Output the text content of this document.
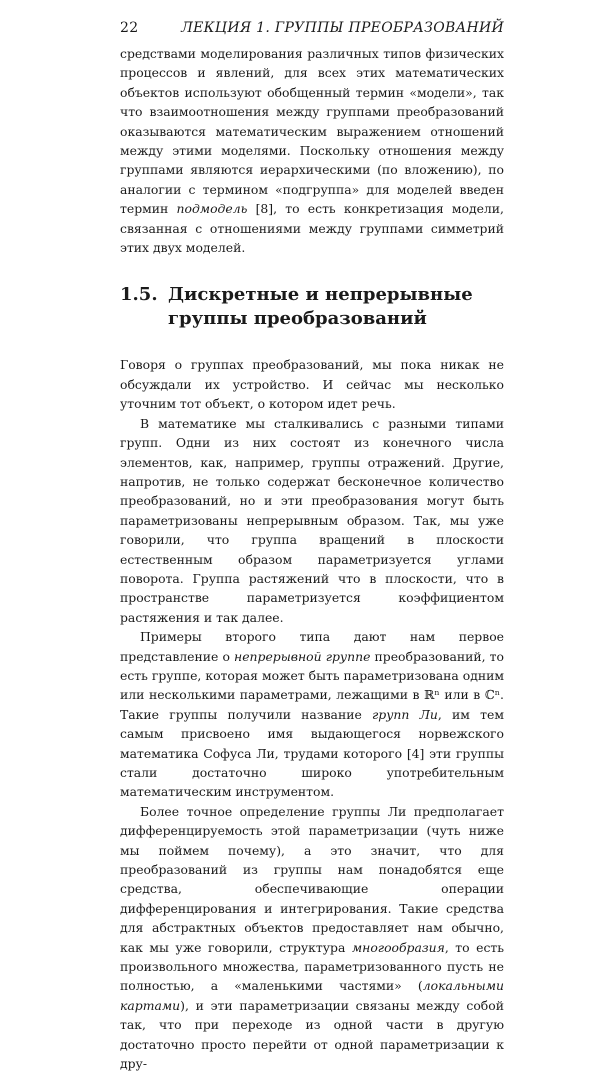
22	ЛЕКЦИЯ 1. ГРУППЫ ПРЕОБРАЗОВАНИЙ

средствами моделирования различных типов физических процессов и явлений, для всех этих математических объектов используют обобщенный термин «модели», так что взаимоотношения между группами преобразований оказываются математическим выражением отношений между этими моделями. Поскольку отношения между группами являются иерархическими (по вложению), по аналогии с термином «подгруппа» для моделей введен термин подмодель [8], то есть конкретизация модели, связанная с отношениями между группами симметрий этих двух моделей.

1.5. Дискретные и непрерывные группы преобразований

Говоря о группах преобразований, мы пока никак не обсуждали их устройство. И сейчас мы несколько уточним тот объект, о котором идет речь.

В математике мы сталкивались с разными типами групп. Одни из них состоят из конечного числа элементов, как, например, группы отражений. Другие, напротив, не только содержат бесконечное количество преобразований, но и эти преобразования могут быть параметризованы непрерывным образом. Так, мы уже говорили, что группа вращений в плоскости естественным образом параметризуется углами поворота. Группа растяжений что в плоскости, что в пространстве параметризуется коэффициентом растяжения и так далее.

Примеры второго типа дают нам первое представление о непрерывной группе преобразований, то есть группе, которая может быть параметризована одним или несколькими параметрами, лежащими в ℝⁿ или в ℂⁿ. Такие группы получили название групп Ли, им тем самым присвоено имя выдающегося норвежского математика Софуса Ли, трудами которого [4] эти группы стали достаточно широко употребительным математическим инструментом.

Более точное определение группы Ли предполагает дифференцируемость этой параметризации (чуть ниже мы поймем почему), а это значит, что для преобразований из группы нам понадобятся еще средства, обеспечивающие операции дифференцирования и интегрирования. Такие средства для абстрактных объектов предоставляет нам обычно, как мы уже говорили, структура многообразия, то есть произвольного множества, параметризованного пусть не полностью, а «маленькими частями» (локальными картами), и эти параметризации связаны между собой так, что при переходе из одной части в другую достаточно просто перейти от одной параметризации к дру-
